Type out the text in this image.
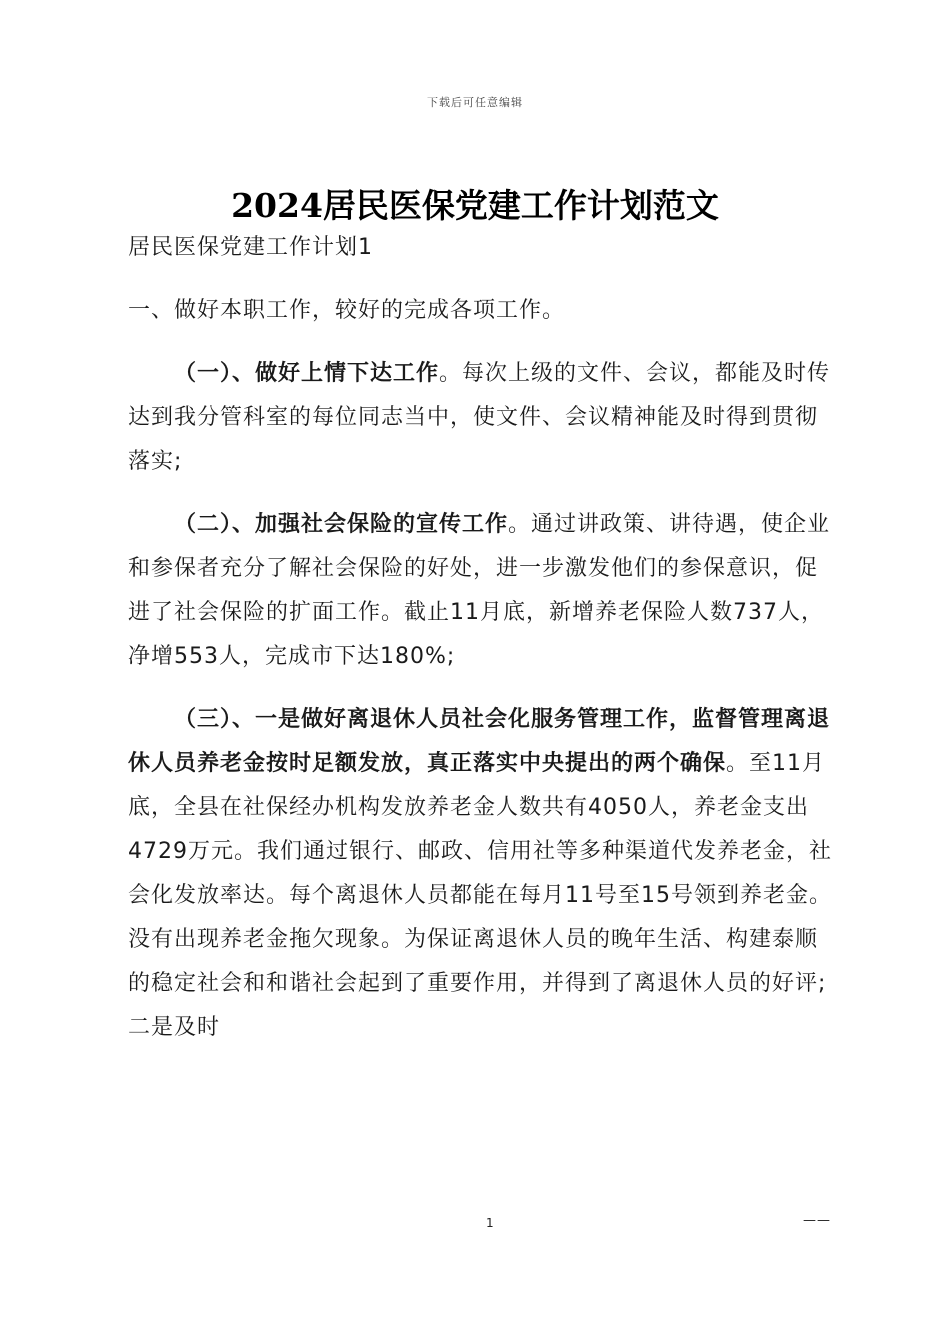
下载后可任意编辑
2024居民医保党建工作计划范文

居民医保党建工作计划1

一、做好本职工作，较好的完成各项工作。

（一）、做好上情下达工作。每次上级的文件、会议，都能及时传达到我分管科室的每位同志当中，使文件、会议精神能及时得到贯彻落实;

（二）、加强社会保险的宣传工作。通过讲政策、讲待遇，使企业和参保者充分了解社会保险的好处，进一步激发他们的参保意识，促进了社会保险的扩面工作。截止11月底，新增养老保险人数737人，净增553人，完成市下达180%;

（三）、一是做好离退休人员社会化服务管理工作，监督管理离退休人员养老金按时足额发放，真正落实中央提出的两个确保。至11月底，全县在社保经办机构发放养老金人数共有4050人，养老金支出4729万元。我们通过银行、邮政、信用社等多种渠道代发养老金，社会化发放率达。每个离退休人员都能在每月11号至15号领到养老金。没有出现养老金拖欠现象。为保证离退休人员的晚年生活、构建泰顺的稳定社会和和谐社会起到了重要作用，并得到了离退休人员的好评;二是及时

1	——
